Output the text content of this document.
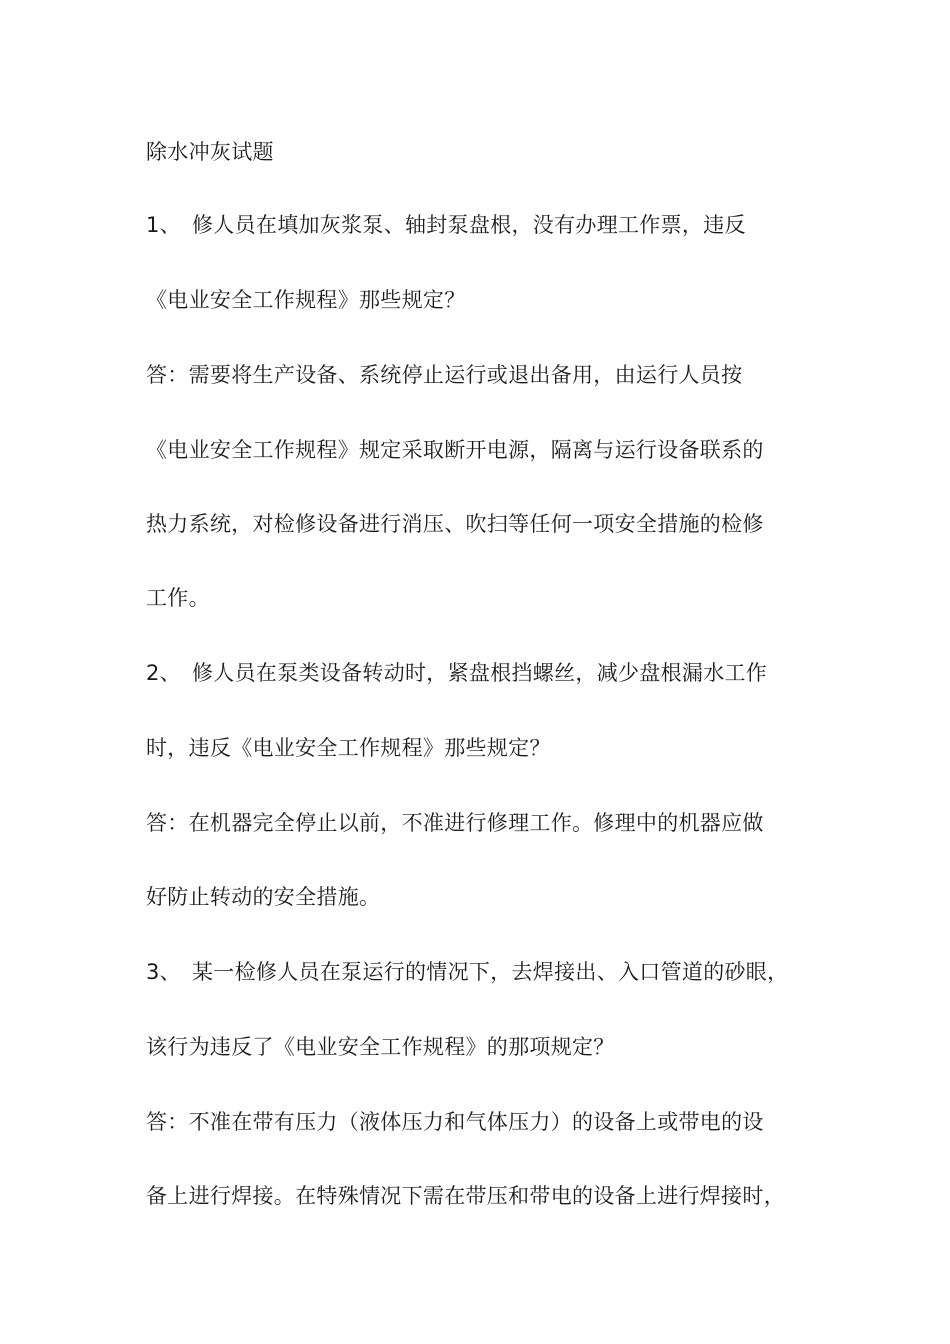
除水冲灰试题
1、 修人员在填加灰浆泵、轴封泵盘根，没有办理工作票，违反
《电业安全工作规程》那些规定？
答：需要将生产设备、系统停止运行或退出备用，由运行人员按
《电业安全工作规程》规定采取断开电源，隔离与运行设备联系的
热力系统，对检修设备进行消压、吹扫等任何一项安全措施的检修
工作。
2、 修人员在泵类设备转动时，紧盘根挡螺丝，减少盘根漏水工作
时，违反《电业安全工作规程》那些规定？
答：在机器完全停止以前，不准进行修理工作。修理中的机器应做
好防止转动的安全措施。
3、 某一检修人员在泵运行的情况下，去焊接出、入口管道的砂眼，
该行为违反了《电业安全工作规程》的那项规定？
答：不准在带有压力（液体压力和气体压力）的设备上或带电的设
备上进行焊接。在特殊情况下需在带压和带电的设备上进行焊接时，
